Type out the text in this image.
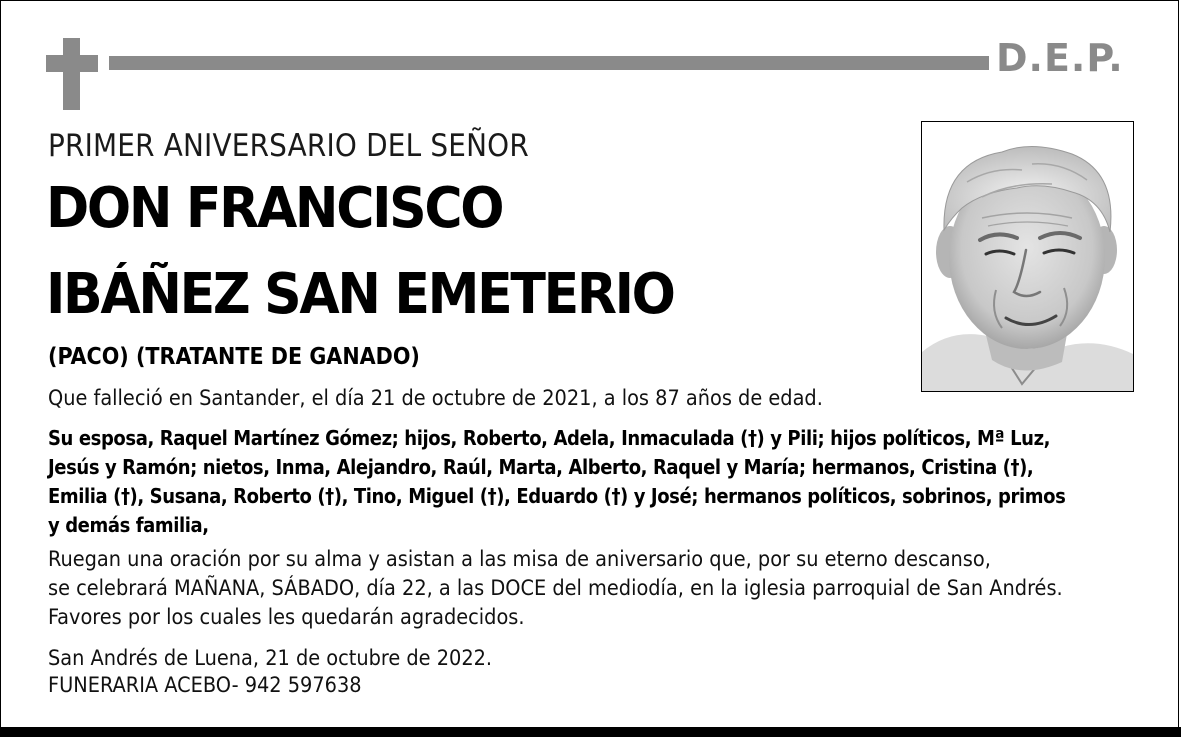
D.E.P.
PRIMER ANIVERSARIO DEL SEÑOR
DON FRANCISCO
IBÁÑEZ SAN EMETERIO
(PACO) (TRATANTE DE GANADO)
Que falleció en Santander, el día 21 de octubre de 2021, a los 87 años de edad.
Su esposa, Raquel Martínez Gómez; hijos, Roberto, Adela, Inmaculada (†) y Pili; hijos políticos, Mª Luz,
Jesús y Ramón; nietos, Inma, Alejandro, Raúl, Marta, Alberto, Raquel y María; hermanos, Cristina (†),
Emilia (†), Susana, Roberto (†), Tino, Miguel (†), Eduardo (†) y José; hermanos políticos, sobrinos, primos
y demás familia,
Ruegan una oración por su alma y asistan a las misa de aniversario que, por su eterno descanso,
se celebrará MAÑANA, SÁBADO, día 22, a las DOCE del mediodía, en la iglesia parroquial de San Andrés.
Favores por los cuales les quedarán agradecidos.
San Andrés de Luena, 21 de octubre de 2022.
FUNERARIA ACEBO- 942 597638
